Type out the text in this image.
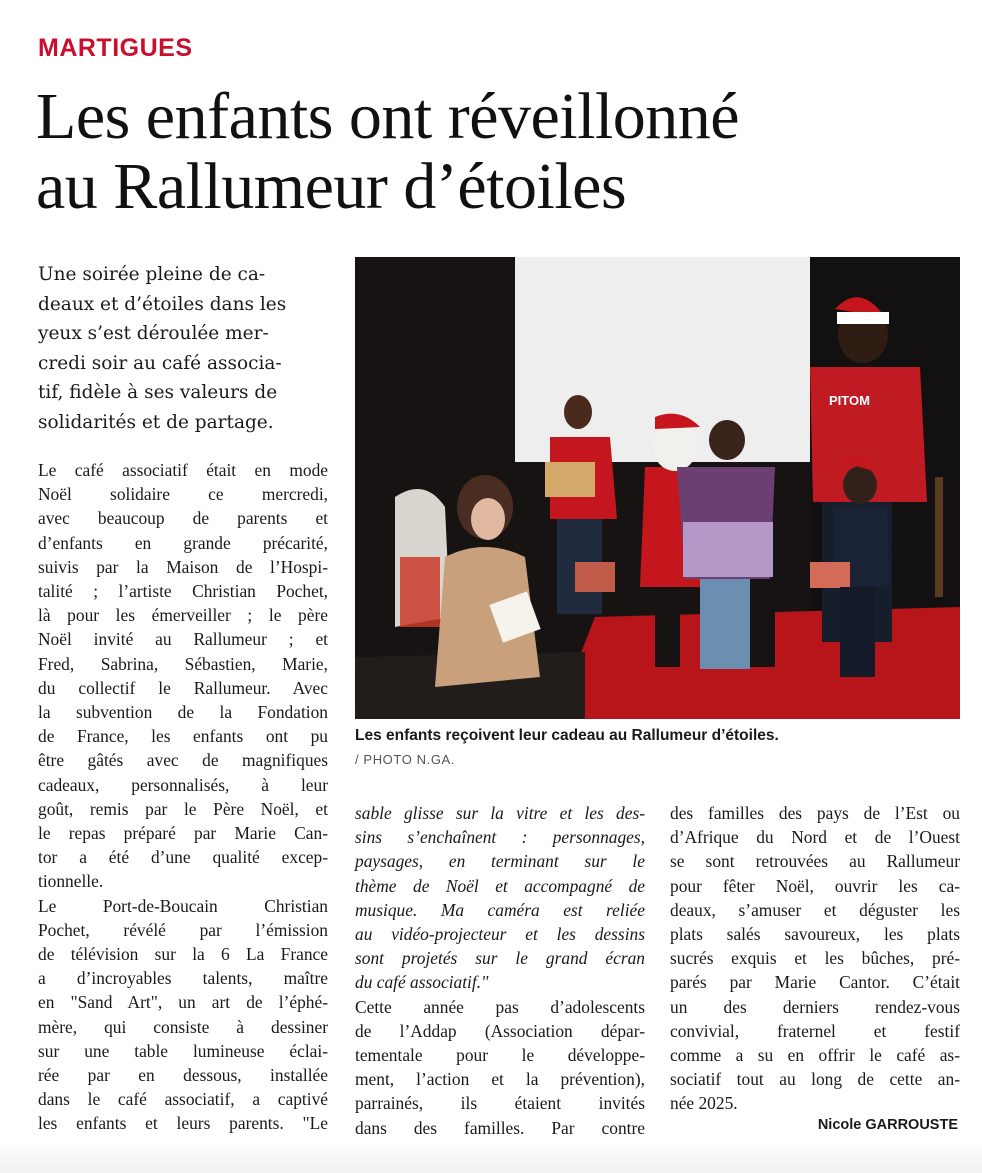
MARTIGUES
Les enfants ont réveillonné
au Rallumeur d’étoiles
Une soirée pleine de ca-
deaux et d’étoiles dans les
yeux s’est déroulée mer-
credi soir au café associa-
tif, fidèle à ses valeurs de
solidarités et de partage.
Le café associatif était en mode
Noël solidaire ce mercredi,
avec beaucoup de parents et
d’enfants en grande précarité,
suivis par la Maison de l’Hospi-
talité ; l’artiste Christian Pochet,
là pour les émerveiller ; le père
Noël invité au Rallumeur ; et
Fred, Sabrina, Sébastien, Marie,
du collectif le Rallumeur. Avec
la subvention de la Fondation
de France, les enfants ont pu
être gâtés avec de magnifiques
cadeaux, personnalisés, à leur
goût, remis par le Père Noël, et
le repas préparé par Marie Can-
tor a été d’une qualité excep-
tionnelle.
Le Port-de-Boucain Christian
Pochet, révélé par l’émission
de télévision sur la 6 La France
a d’incroyables talents, maître
en "Sand Art", un art de l’éphé-
mère, qui consiste à dessiner
sur une table lumineuse éclai-
rée par en dessous, installée
dans le café associatif, a captivé
les enfants et leurs parents. "Le
PITOM
Les enfants reçoivent leur cadeau au Rallumeur d’étoiles.
/ PHOTO N.GA.
sable glisse sur la vitre et les des-
sins s’enchaînent : personnages,
paysages, en terminant sur le
thème de Noël et accompagné de
musique. Ma caméra est reliée
au vidéo-projecteur et les dessins
sont projetés sur le grand écran
du café associatif."
Cette année pas d’adolescents
de l’Addap (Association dépar-
tementale pour le développe-
ment, l’action et la prévention),
parrainés, ils étaient invités
dans des familles. Par contre
des familles des pays de l’Est ou
d’Afrique du Nord et de l’Ouest
se sont retrouvées au Rallumeur
pour fêter Noël, ouvrir les ca-
deaux, s’amuser et déguster les
plats salés savoureux, les plats
sucrés exquis et les bûches, pré-
parés par Marie Cantor. C’était
un des derniers rendez-vous
convivial, fraternel et festif
comme a su en offrir le café as-
sociatif tout au long de cette an-
née 2025.
Nicole GARROUSTE
